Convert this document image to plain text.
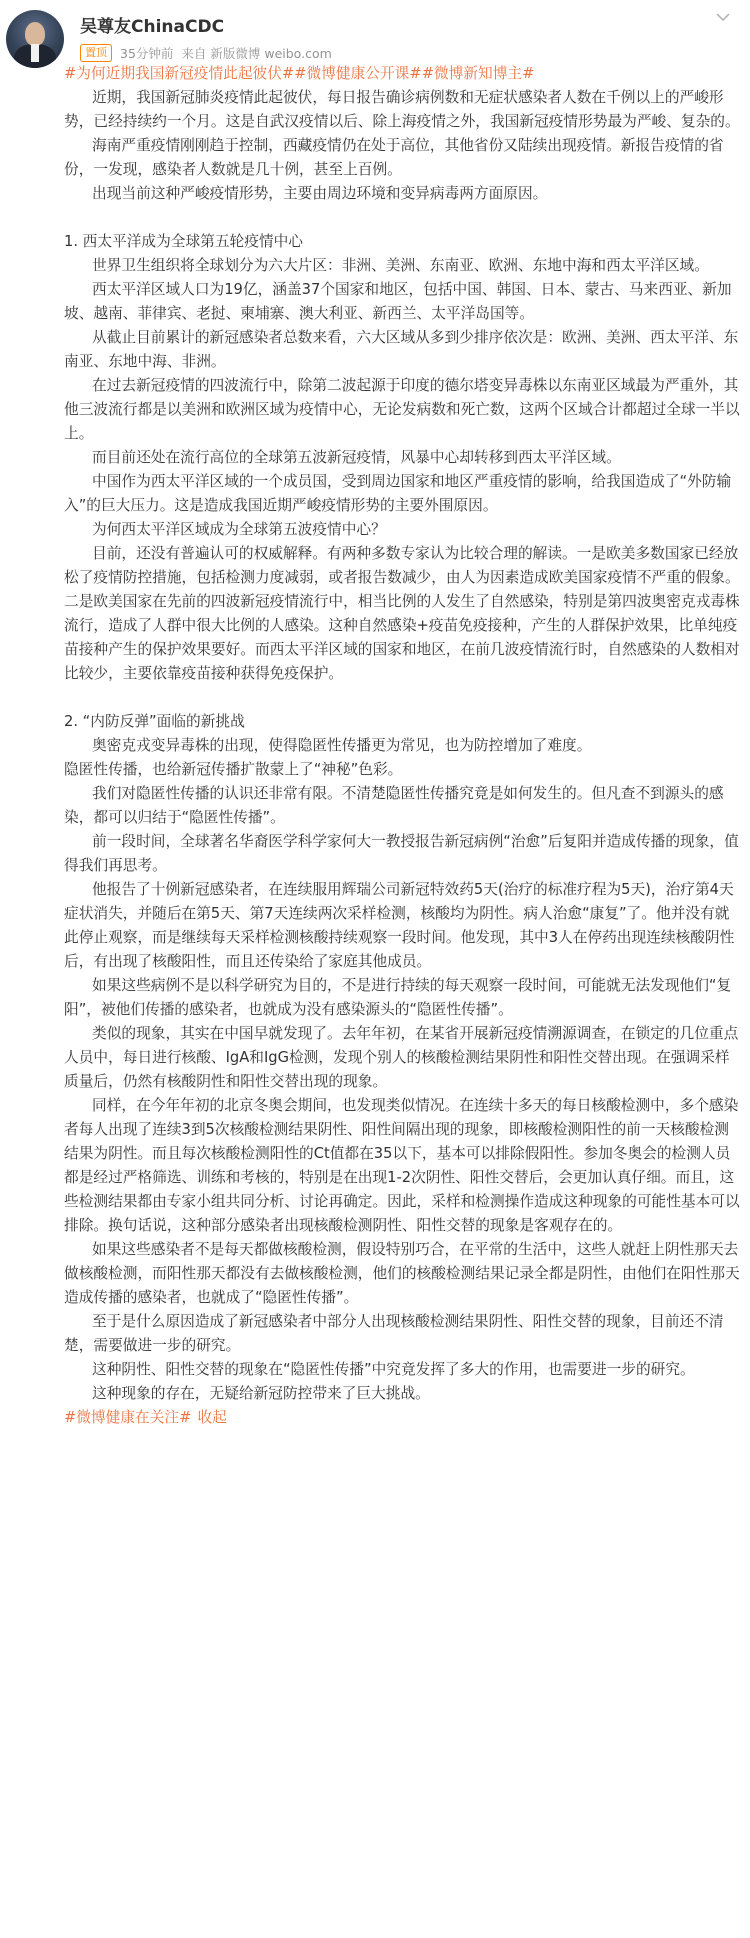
吴尊友ChinaCDC
置顶	35分钟前 来自 新版微博 weibo.com

#为何近期我国新冠疫情此起彼伏##微博健康公开课##微博新知博主#

近期，我国新冠肺炎疫情此起彼伏，每日报告确诊病例数和无症状感染者人数在千例以上的严峻形势，已经持续约一个月。这是自武汉疫情以后、除上海疫情之外，我国新冠疫情形势最为严峻、复杂的。

海南严重疫情刚刚趋于控制，西藏疫情仍在处于高位，其他省份又陆续出现疫情。新报告疫情的省份，一发现，感染者人数就是几十例，甚至上百例。

出现当前这种严峻疫情形势，主要由周边环境和变异病毒两方面原因。

1. 西太平洋成为全球第五轮疫情中心

世界卫生组织将全球划分为六大片区：非洲、美洲、东南亚、欧洲、东地中海和西太平洋区域。

西太平洋区域人口为19亿，涵盖37个国家和地区，包括中国、韩国、日本、蒙古、马来西亚、新加坡、越南、菲律宾、老挝、柬埔寨、澳大利亚、新西兰、太平洋岛国等。

从截止目前累计的新冠感染者总数来看，六大区域从多到少排序依次是：欧洲、美洲、西太平洋、东南亚、东地中海、非洲。

在过去新冠疫情的四波流行中，除第二波起源于印度的德尔塔变异毒株以东南亚区域最为严重外，其他三波流行都是以美洲和欧洲区域为疫情中心，无论发病数和死亡数，这两个区域合计都超过全球一半以上。

而目前还处在流行高位的全球第五波新冠疫情，风暴中心却转移到西太平洋区域。

中国作为西太平洋区域的一个成员国，受到周边国家和地区严重疫情的影响，给我国造成了“外防输入”的巨大压力。这是造成我国近期严峻疫情形势的主要外围原因。

为何西太平洋区域成为全球第五波疫情中心？

目前，还没有普遍认可的权威解释。有两种多数专家认为比较合理的解读。一是欧美多数国家已经放松了疫情防控措施，包括检测力度减弱，或者报告数减少，由人为因素造成欧美国家疫情不严重的假象。二是欧美国家在先前的四波新冠疫情流行中，相当比例的人发生了自然感染，特别是第四波奥密克戎毒株流行，造成了人群中很大比例的人感染。这种自然感染+疫苗免疫接种，产生的人群保护效果，比单纯疫苗接种产生的保护效果要好。而西太平洋区域的国家和地区，在前几波疫情流行时，自然感染的人数相对比较少，主要依靠疫苗接种获得免疫保护。

2. “内防反弹”面临的新挑战

奥密克戎变异毒株的出现，使得隐匿性传播更为常见，也为防控增加了难度。

隐匿性传播，也给新冠传播扩散蒙上了“神秘”色彩。

我们对隐匿性传播的认识还非常有限。不清楚隐匿性传播究竟是如何发生的。但凡查不到源头的感染，都可以归结于“隐匿性传播”。

前一段时间，全球著名华裔医学科学家何大一教授报告新冠病例“治愈”后复阳并造成传播的现象，值得我们再思考。

他报告了十例新冠感染者，在连续服用辉瑞公司新冠特效药5天(治疗的标准疗程为5天)，治疗第4天症状消失，并随后在第5天、第7天连续两次采样检测，核酸均为阴性。病人治愈“康复”了。他并没有就此停止观察，而是继续每天采样检测核酸持续观察一段时间。他发现，其中3人在停药出现连续核酸阴性后，有出现了核酸阳性，而且还传染给了家庭其他成员。

如果这些病例不是以科学研究为目的，不是进行持续的每天观察一段时间，可能就无法发现他们“复阳”，被他们传播的感染者，也就成为没有感染源头的“隐匿性传播”。

类似的现象，其实在中国早就发现了。去年年初，在某省开展新冠疫情溯源调查，在锁定的几位重点人员中，每日进行核酸、IgA和IgG检测，发现个别人的核酸检测结果阴性和阳性交替出现。在强调采样质量后，仍然有核酸阴性和阳性交替出现的现象。

同样，在今年年初的北京冬奥会期间，也发现类似情况。在连续十多天的每日核酸检测中，多个感染者每人出现了连续3到5次核酸检测结果阴性、阳性间隔出现的现象，即核酸检测阳性的前一天核酸检测结果为阴性。而且每次核酸检测阳性的Ct值都在35以下，基本可以排除假阳性。参加冬奥会的检测人员都是经过严格筛选、训练和考核的，特别是在出现1-2次阴性、阳性交替后，会更加认真仔细。而且，这些检测结果都由专家小组共同分析、讨论再确定。因此，采样和检测操作造成这种现象的可能性基本可以排除。换句话说，这种部分感染者出现核酸检测阴性、阳性交替的现象是客观存在的。

如果这些感染者不是每天都做核酸检测，假设特别巧合，在平常的生活中，这些人就赶上阴性那天去做核酸检测，而阳性那天都没有去做核酸检测，他们的核酸检测结果记录全都是阴性，由他们在阳性那天造成传播的感染者，也就成了“隐匿性传播”。

至于是什么原因造成了新冠感染者中部分人出现核酸检测结果阴性、阳性交替的现象，目前还不清楚，需要做进一步的研究。

这种阴性、阳性交替的现象在“隐匿性传播”中究竟发挥了多大的作用，也需要进一步的研究。

这种现象的存在，无疑给新冠防控带来了巨大挑战。

#微博健康在关注# 收起
